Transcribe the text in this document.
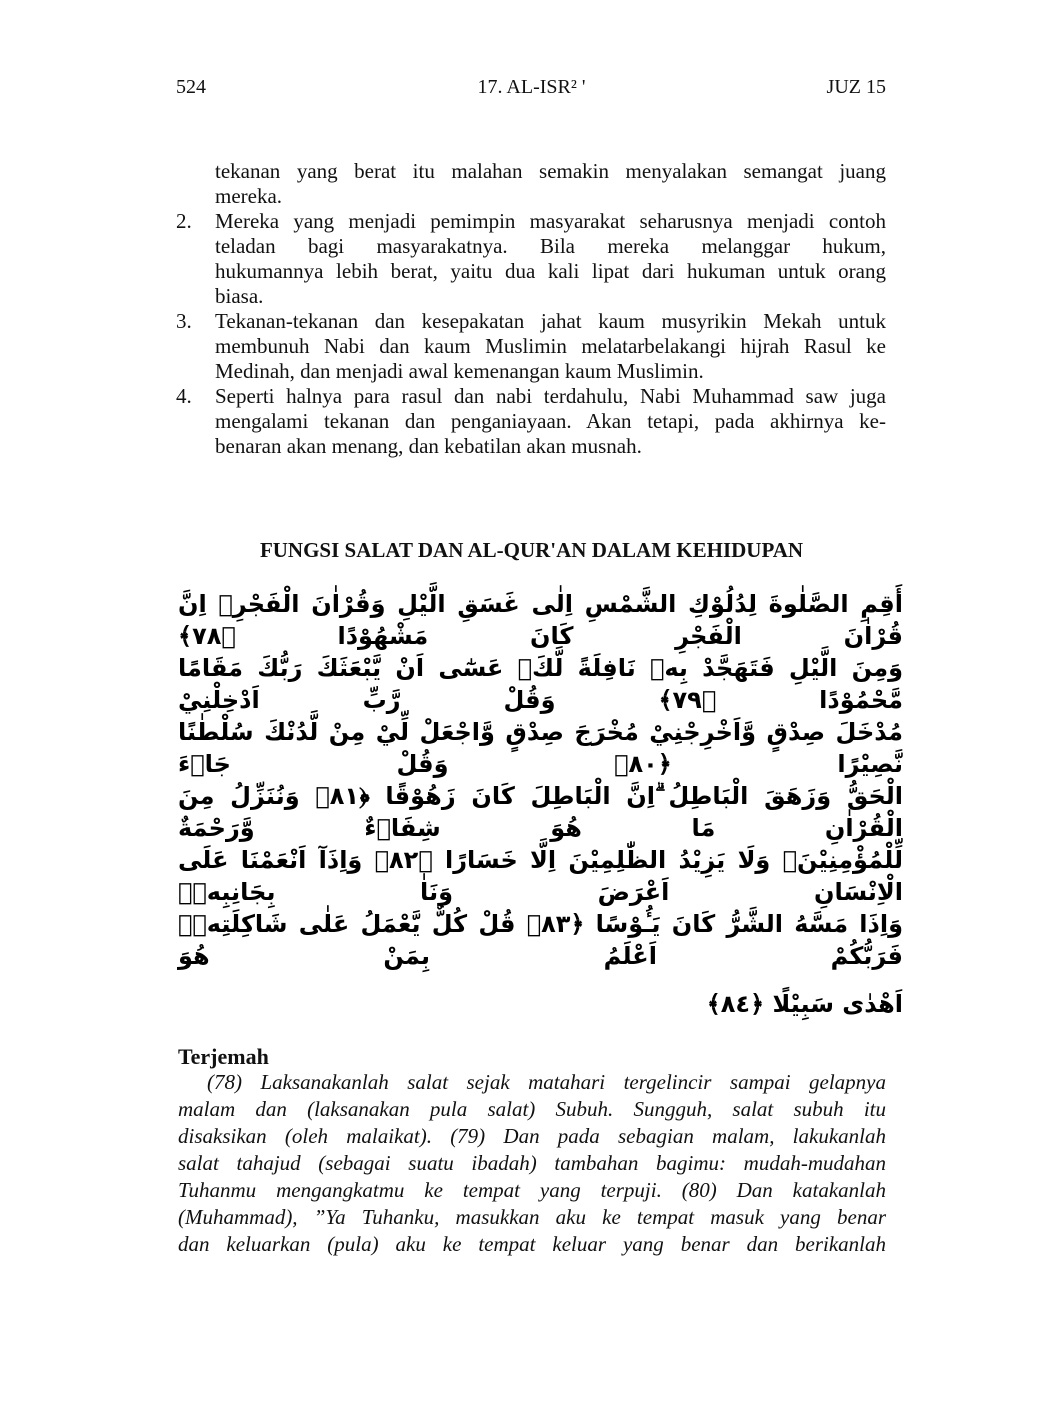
524	17. AL-ISR² '	JUZ 15
tekanan yang berat itu malahan semakin menyalakan semangat juang
mereka.
2. Mereka yang menjadi pemimpin masyarakat seharusnya menjadi contoh
teladan bagi masyarakatnya. Bila mereka melanggar hukum,
hukumannya lebih berat, yaitu dua kali lipat dari hukuman untuk orang
biasa.
3. Tekanan-tekanan dan kesepakatan jahat kaum musyrikin Mekah untuk
membunuh Nabi dan kaum Muslimin melatarbelakangi hijrah Rasul ke
Medinah, dan menjadi awal kemenangan kaum Muslimin.
4. Seperti halnya para rasul dan nabi terdahulu, Nabi Muhammad saw juga
mengalami tekanan dan penganiayaan. Akan tetapi, pada akhirnya ke-
benaran akan menang, dan kebatilan akan musnah.
FUNGSI SALAT DAN AL-QUR'AN DALAM KEHIDUPAN
أَقِمِ الصَّلٰوةَ لِدُلُوْكِ الشَّمْسِ اِلٰى غَسَقِ الَّيْلِ وَقُرْاٰنَ الْفَجْرِۗ اِنَّ قُرْاٰنَ الْفَجْرِ كَانَ مَشْهُوْدًا ﴿٧٨﴾
وَمِنَ الَّيْلِ فَتَهَجَّدْ بِهٖ نَافِلَةً لَّكَۖ عَسٰٓى اَنْ يَّبْعَثَكَ رَبُّكَ مَقَامًا مَّحْمُوْدًا ﴿٧٩﴾ وَقُلْ رَّبِّ اَدْخِلْنِيْ
مُدْخَلَ صِدْقٍ وَّاَخْرِجْنِيْ مُخْرَجَ صِدْقٍ وَّاجْعَلْ لِّيْ مِنْ لَّدُنْكَ سُلْطٰنًا نَّصِيْرًا ﴿٨٠﴾ وَقُلْ جَاۤءَ
الْحَقُّ وَزَهَقَ الْبَاطِلُ ۗاِنَّ الْبَاطِلَ كَانَ زَهُوْقًا ﴿٨١﴾ وَنُنَزِّلُ مِنَ الْقُرْاٰنِ مَا هُوَ شِفَاۤءٌ وَّرَحْمَةٌ
لِّلْمُؤْمِنِيْنَۙ وَلَا يَزِيْدُ الظّٰلِمِيْنَ اِلَّا خَسَارًا ﴿٨٢﴾ وَاِذَآ اَنْعَمْنَا عَلَى الْاِنْسَانِ اَعْرَضَ وَنَاٰ بِجَانِبِهٖۚ
وَاِذَا مَسَّهُ الشَّرُّ كَانَ يَـُٔوْسًا ﴿٨٣﴾ قُلْ كُلٌّ يَّعْمَلُ عَلٰى شَاكِلَتِهٖۗ فَرَبُّكُمْ اَعْلَمُ بِمَنْ هُوَ
اَهْدٰى سَبِيْلًا ﴿٨٤﴾
Terjemah
(78) Laksanakanlah salat sejak matahari tergelincir sampai gelapnya
malam dan (laksanakan pula salat) Subuh. Sungguh, salat subuh itu
disaksikan (oleh malaikat). (79) Dan pada sebagian malam, lakukanlah
salat tahajud (sebagai suatu ibadah) tambahan bagimu: mudah-mudahan
Tuhanmu mengangkatmu ke tempat yang terpuji. (80) Dan katakanlah
(Muhammad), ”Ya Tuhanku, masukkan aku ke tempat masuk yang benar
dan keluarkan (pula) aku ke tempat keluar yang benar dan berikanlah
